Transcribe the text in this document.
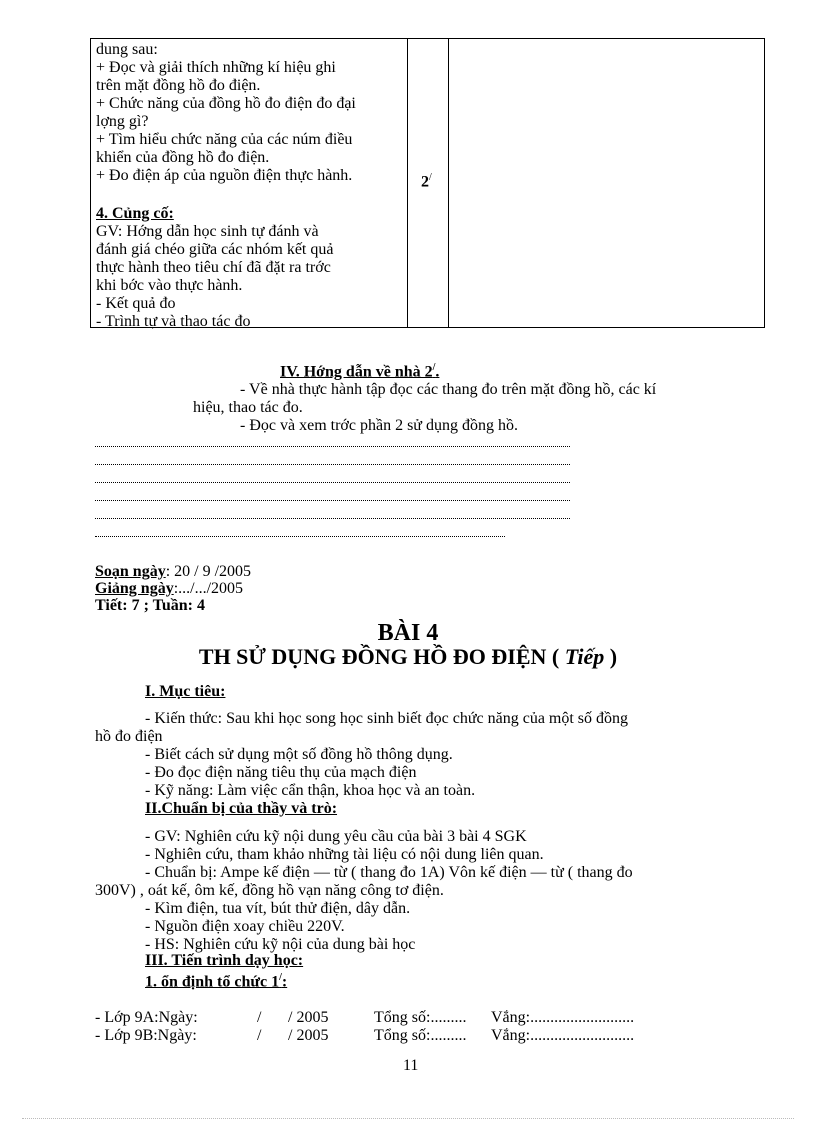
dung sau:
+ Đọc và giải thích những kí hiệu ghi
trên mặt đồng hồ đo điện.
+ Chức năng của đồng hồ đo điện đo đại
lợng gì?
+ Tìm hiểu chức năng của các núm điều
khiển của đồng hồ đo điện.
+ Đo điện áp của nguồn điện thực hành.
4. Củng cố:
GV: Hớng dẫn học sinh tự đánh và
đánh giá chéo giữa các nhóm kết quả
thực hành theo tiêu chí đã đặt ra trớc
khi bớc vào thực hành.
- Kết quả đo
- Trình tự và thao tác đo
2/
IV. Hớng dẫn về nhà 2/.
- Về nhà thực hành tập đọc các thang đo trên mặt đồng hồ, các kí
hiệu, thao tác đo.
- Đọc và xem trớc phần 2 sử dụng đồng hồ.
Soạn ngày: 20 / 9 /2005
Giảng ngày:.../.../2005
Tiết: 7 ; Tuần: 4
BÀI 4
TH SỬ DỤNG ĐỒNG HỒ ĐO ĐIỆN ( Tiếp )
I. Mục tiêu:
- Kiến thức: Sau khi học song học sinh biết đọc chức năng của một số đồng
hồ đo điện
- Biết cách sử dụng một số đồng hồ thông dụng.
- Đo đọc điện năng tiêu thụ của mạch điện
- Kỹ năng: Làm việc cẩn thận, khoa học và an toàn.
II.Chuẩn bị của thầy và trò:
- GV: Nghiên cứu kỹ nội dung yêu cầu của bài 3 bài 4 SGK
- Nghiên cứu, tham khảo những tài liệu có nội dung liên quan.
- Chuẩn bị: Ampe kế điện — từ ( thang đo 1A) Vôn kế điện — từ ( thang đo
300V) , oát kế, ôm kế, đồng hồ vạn năng công tơ điện.
- Kìm điện, tua vít, bút thử điện, dây dẫn.
- Nguồn điện xoay chiều 220V.
- HS: Nghiên cứu kỹ nội của dung bài học
III. Tiến trình dạy học:
1. ổn định tổ chức 1/:
- Lớp 9A:Ngày:	/ / 2005	Tổng số:......... Vắng:..........................
- Lớp 9B:Ngày:	/ / 2005	Tổng số:......... Vắng:..........................
11
